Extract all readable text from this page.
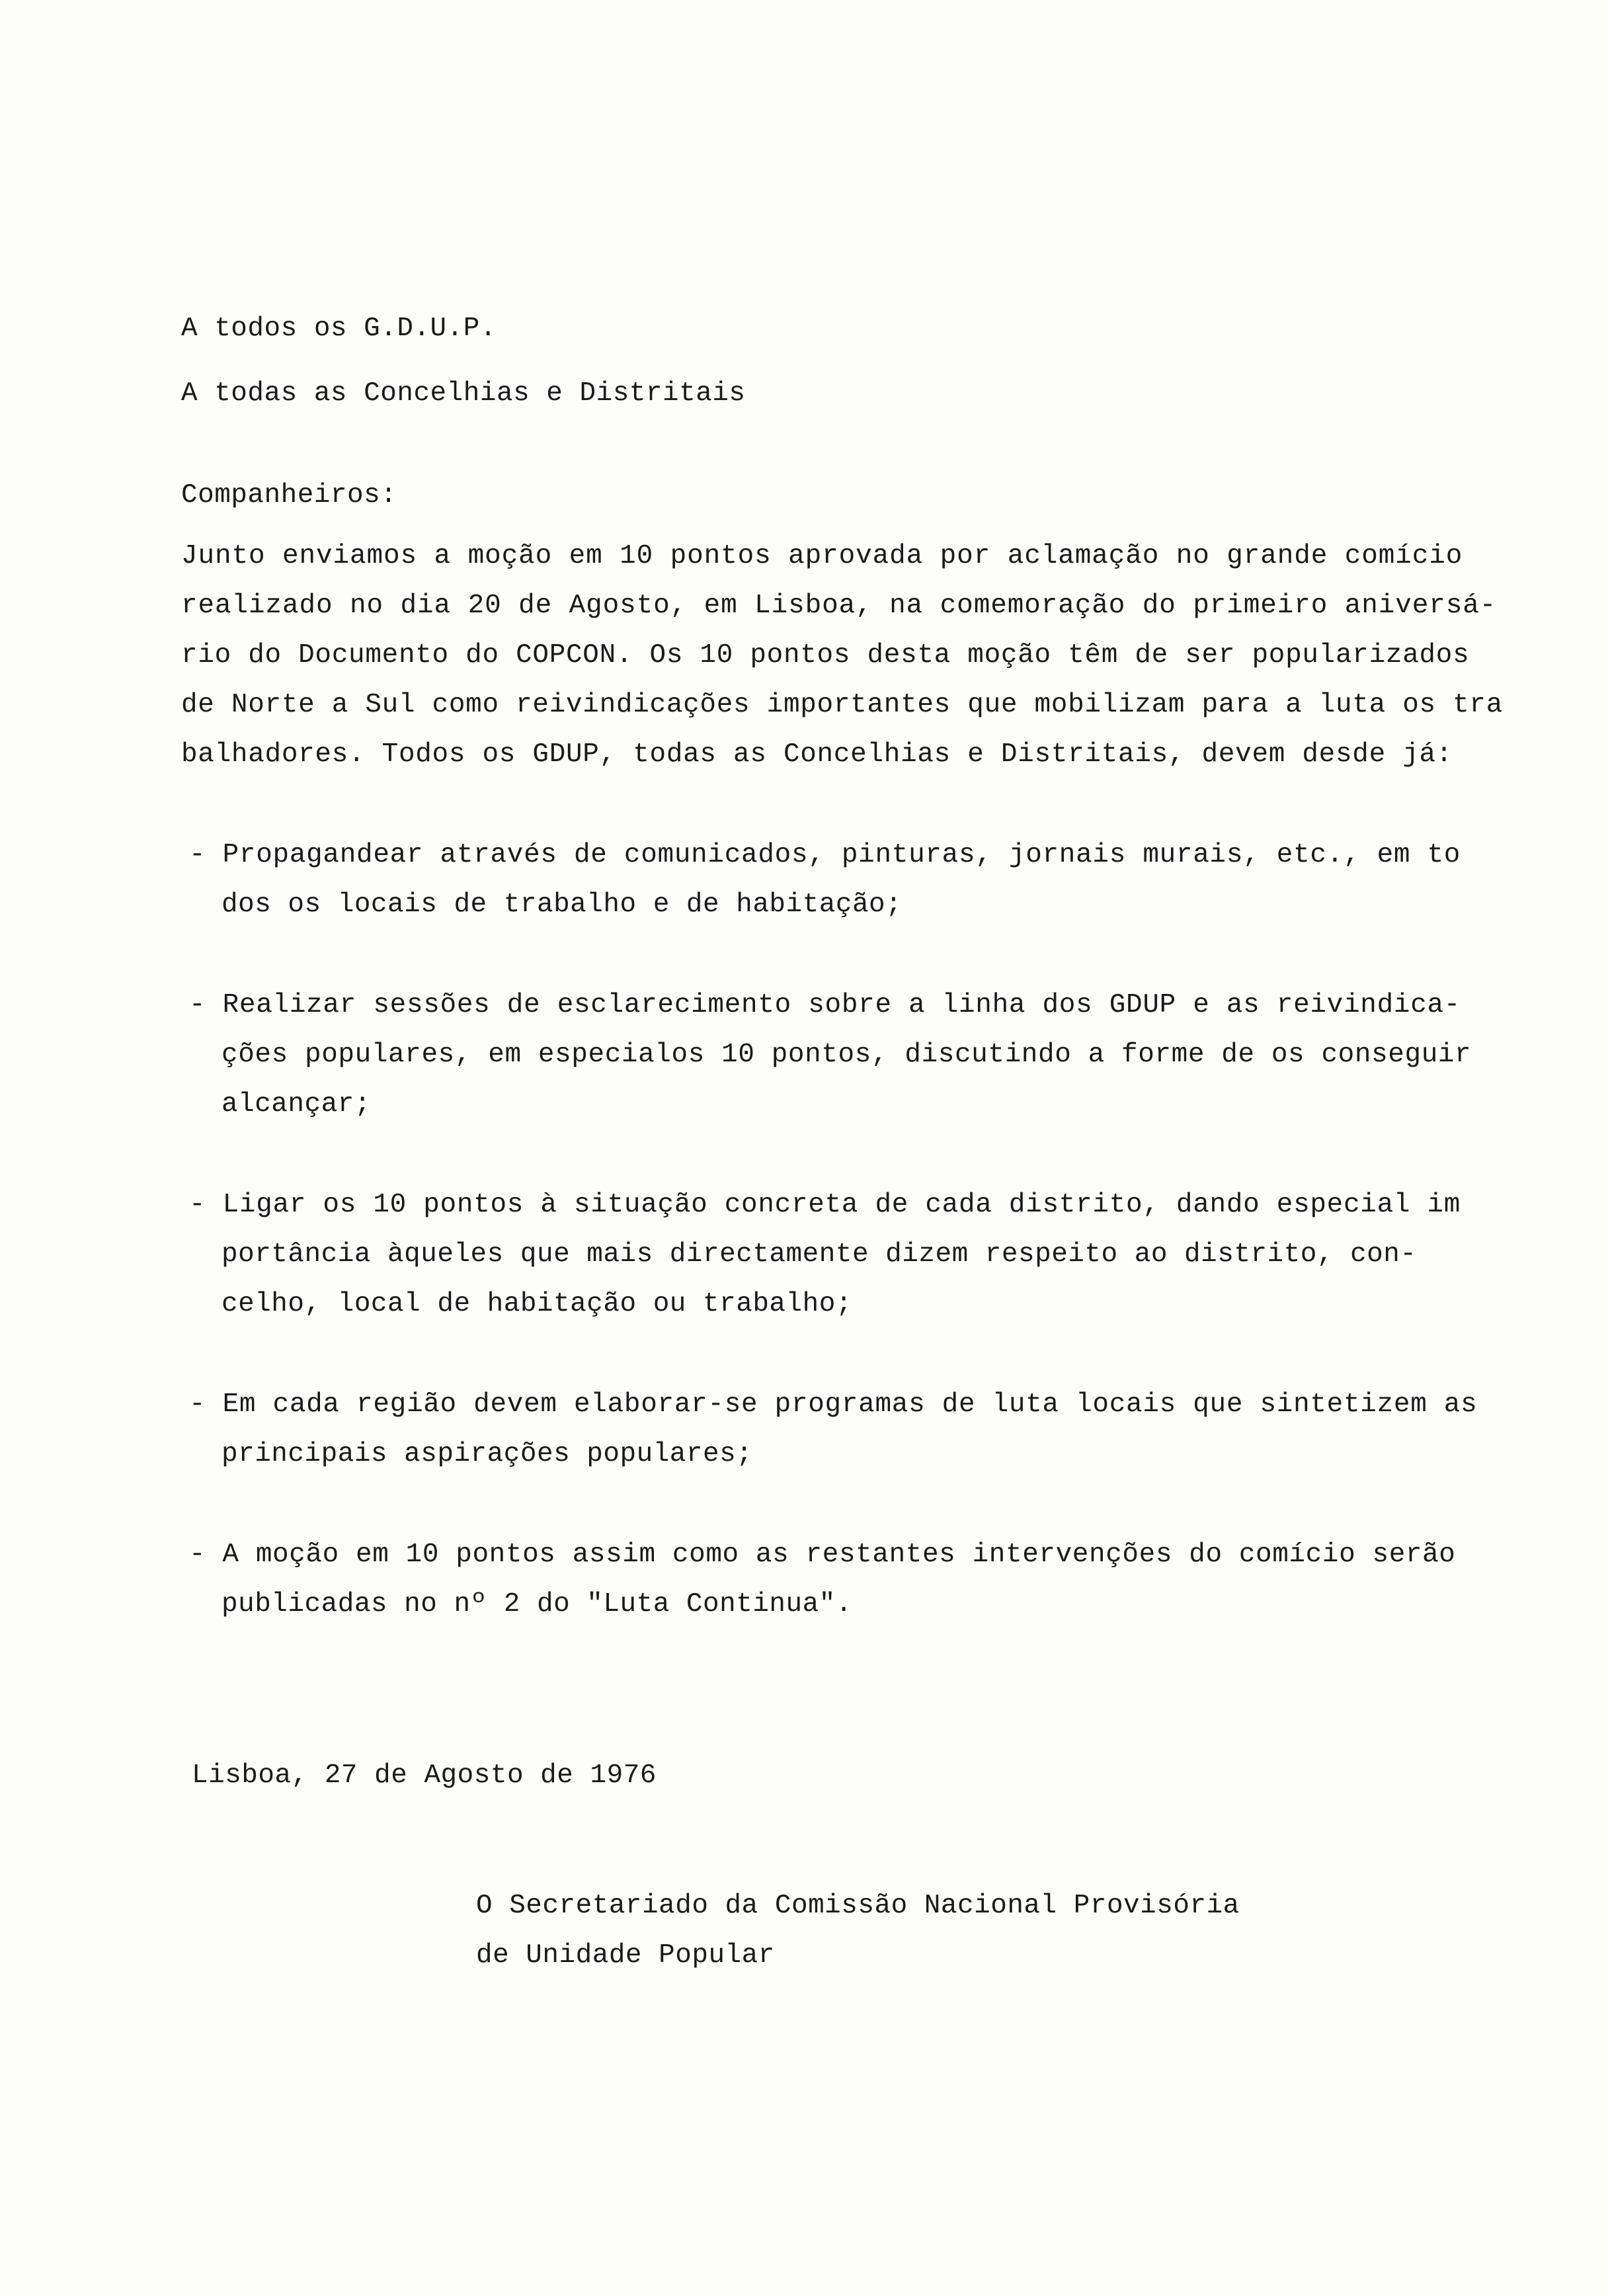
A todos os G.D.U.P.
A todas as Concelhias e Distritais
Companheiros:
Junto enviamos a moção em 10 pontos aprovada por aclamação no grande comício
realizado no dia 20 de Agosto, em Lisboa, na comemoração do primeiro aniversá-
rio do Documento do COPCON. Os 10 pontos desta moção têm de ser popularizados
de Norte a Sul como reivindicações importantes que mobilizam para a luta os tra
balhadores. Todos os GDUP, todas as Concelhias e Distritais, devem desde já:
- Propagandear através de comunicados, pinturas, jornais murais, etc., em to
dos os locais de trabalho e de habitação;
- Realizar sessões de esclarecimento sobre a linha dos GDUP e as reivindica-
ções populares, em especialos 10 pontos, discutindo a forme de os conseguir
alcançar;
- Ligar os 10 pontos à situação concreta de cada distrito, dando especial im
portância àqueles que mais directamente dizem respeito ao distrito, con-
celho, local de habitação ou trabalho;
- Em cada região devem elaborar-se programas de luta locais que sintetizem as
principais aspirações populares;
- A moção em 10 pontos assim como as restantes intervenções do comício serão
publicadas no nº 2 do "Luta Continua".
Lisboa, 27 de Agosto de 1976
O Secretariado da Comissão Nacional Provisória
de Unidade Popular
